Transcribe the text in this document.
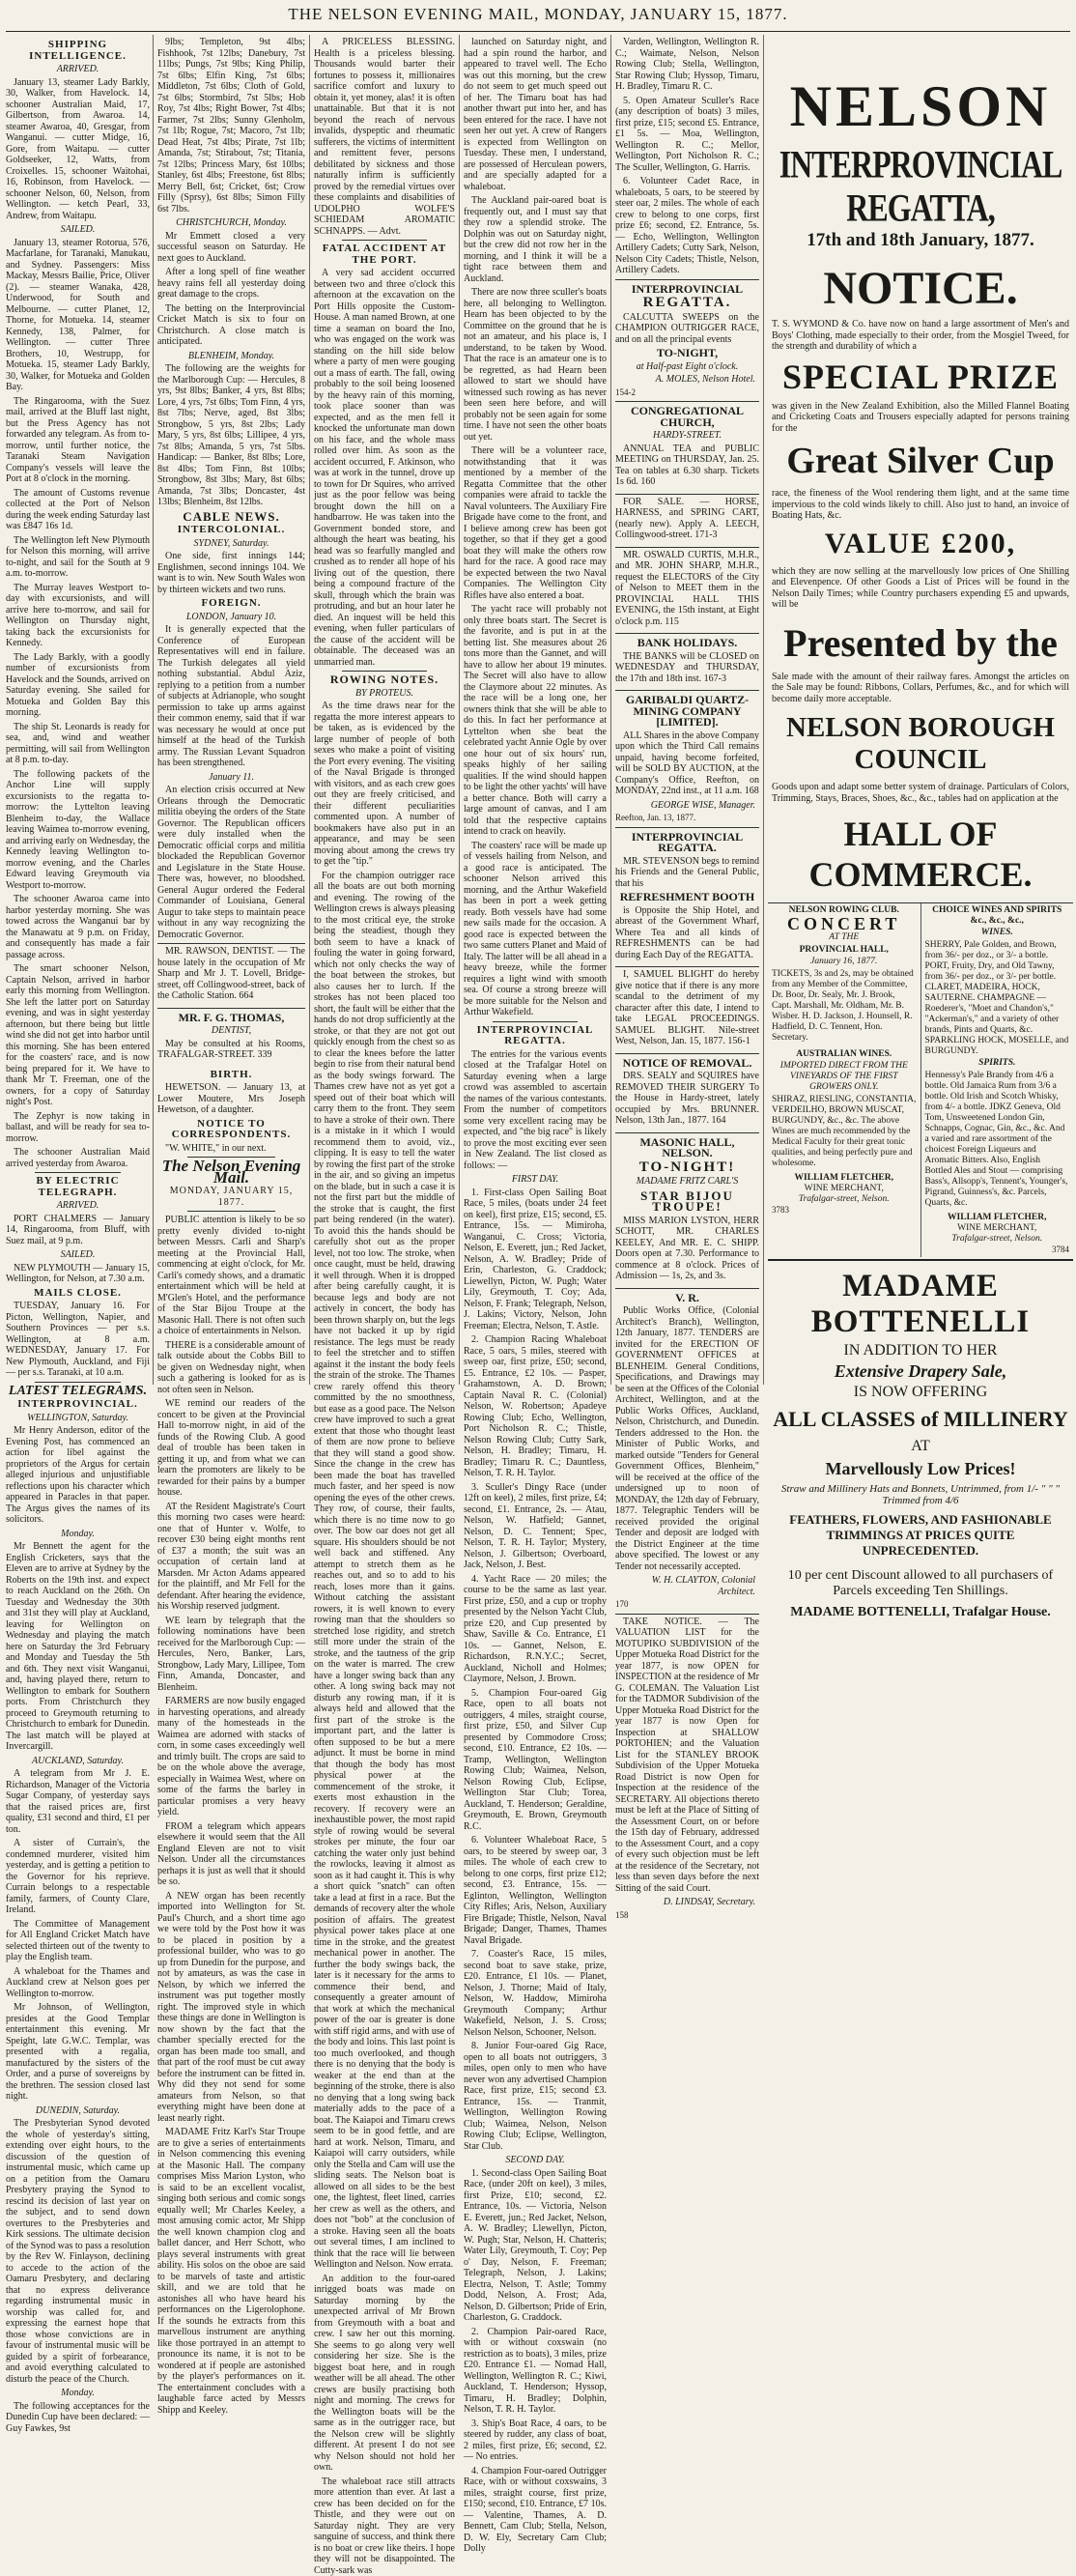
THE NELSON EVENING MAIL, MONDAY, JANUARY 15, 1877.
SHIPPING INTELLIGENCE.
ARRIVED.

January 13, steamer Lady Barkly, 30, Walker, from Havelock. 14, schooner Australian Maid, 17, Gilbertson, from Awaroa. 14, steamer Awaroa, 40, Gresgar, from Wanganui. — cutter Midge, 16, Gore, from Waitapu. — cutter Goldseeker, 12, Watts, from Croixelles. 15, schooner Waitohai, 16, Robinson, from Havelock. — schooner Nelson, 60, Nelson, from Wellington. — ketch Pearl, 33, Andrew, from Waitapu.

SAILED.

January 13, steamer Rotorua, 576, Macfarlane, for Taranaki, Manukau, and Sydney. Passengers: Miss Mackay, Messrs Bailie, Price, Oliver (2). — steamer Wanaka, 428, Underwood, for South and Melbourne. — cutter Planet, 12, Thorne, for Motueka. 14, steamer Kennedy, 138, Palmer, for Wellington. — cutter Three Brothers, 10, Westrupp, for Motueka. 15, steamer Lady Barkly, 30, Walker, for Motueka and Golden Bay.

The Ringarooma, with the Suez mail, arrived at the Bluff last night, but the Press Agency has not forwarded any telegram. As from to-morrow, until further notice, the Taranaki Steam Navigation Company's vessels will leave the Port at 8 o'clock in the morning.

The amount of Customs revenue collected at the Port of Nelson during the week ending Saturday last was £847 16s 1d.

The Wellington left New Plymouth for Nelson this morning, will arrive to-night, and sail for the South at 9 a.m. to-morrow.

The Murray leaves Westport to-day with excursionists, and will arrive here to-morrow, and sail for Wellington on Thursday night, taking back the excursionists for Kennedy.

The Lady Barkly, with a goodly number of excursionists from Havelock and the Sounds, arrived on Saturday evening. She sailed for Motueka and Golden Bay this morning.

The ship St. Leonards is ready for sea, and, wind and weather permitting, will sail from Wellington at 8 p.m. to-day.

The following packets of the Anchor Line will supply excursionists to the regatta to-morrow: the Lyttelton leaving Blenheim to-day, the Wallace leaving Waimea to-morrow evening, and arriving early on Wednesday, the Kennedy leaving Wellington to-morrow evening, and the Charles Edward leaving Greymouth via Westport to-morrow.

The schooner Awaroa came into harbor yesterday morning. She was towed across the Wanganui bar by the Manawatu at 9 p.m. on Friday, and consequently has made a fair passage across.

The smart schooner Nelson, Captain Nelson, arrived in harbor early this morning from Wellington. She left the latter port on Saturday evening, and was in sight yesterday afternoon, but there being but little wind she did not get into harbor until this morning. She has been entered for the coasters' race, and is now being prepared for it. We have to thank Mr T. Freeman, one of the owners, for a copy of Saturday night's Post.

The Zephyr is now taking in ballast, and will be ready for sea to-morrow.

The schooner Australian Maid arrived yesterday from Awaroa.

BY ELECTRIC TELEGRAPH.
ARRIVED.

PORT CHALMERS — January 14, Ringarooma, from Bluff, with Suez mail, at 9 p.m.

SAILED.

NEW PLYMOUTH — January 15, Wellington, for Nelson, at 7.30 a.m.

MAILS CLOSE.

TUESDAY, January 16. For Picton, Wellington, Napier, and Southern Provinces — per s.s. Wellington, at 8 a.m. WEDNESDAY, January 17. For New Plymouth, Auckland, and Fiji — per s.s. Taranaki, at 10 a.m.

LATEST TELEGRAMS.
INTERPROVINCIAL.
WELLINGTON, Saturday.

Mr Henry Anderson, editor of the Evening Post, has commenced an action for libel against the proprietors of the Argus for certain alleged injurious and unjustifiable reflections upon his character which appeared in Paracles in that paper. The Argus gives the names of its solicitors.

Monday.

Mr Bennett the agent for the English Cricketers, says that the Eleven are to arrive at Sydney by the Roberts on the 19th inst. and expect to reach Auckland on the 26th. On Tuesday and Wednesday the 30th and 31st they will play at Auckland, leaving for Wellington on Wednesday and playing the match here on Saturday the 3rd February and Monday and Tuesday the 5th and 6th. They next visit Wanganui, and, having played there, return to Wellington to embark for Southern ports. From Christchurch they proceed to Greymouth returning to Christchurch to embark for Dunedin. The last match will be played at Invercargill.

AUCKLAND, Saturday.

A telegram from Mr J. E. Richardson, Manager of the Victoria Sugar Company, of yesterday says that the raised prices are, first quality, £31 second and third, £1 per ton.

A sister of Currain's, the condemned murderer, visited him yesterday, and is getting a petition to the Governor for his reprieve. Currain belongs to a respectable family, farmers, of County Clare, Ireland.

The Committee of Management for All England Cricket Match have selected thirteen out of the twenty to play the English team.

A whaleboat for the Thames and Auckland crew at Nelson goes per Wellington to-morrow.

Mr Johnson, of Wellington, presides at the Good Templar entertainment this evening. Mr Speight, late G.W.C. Templar, was presented with a regalia, manufactured by the sisters of the Order, and a purse of sovereigns by the brethren. The session closed last night.

DUNEDIN, Saturday.

The Presbyterian Synod devoted the whole of yesterday's sitting, extending over eight hours, to the discussion of the question of instrumental music, which came up on a petition from the Oamaru Presbytery praying the Synod to rescind its decision of last year on the subject, and to send down overtures to the Presbyteries and Kirk sessions. The ultimate decision of the Synod was to pass a resolution by the Rev W. Finlayson, declining to accede to the action of the Oamaru Presbytery, and declaring that no express deliverance regarding instrumental music in worship was called for, and expressing the earnest hope that those whose convictions are in favour of instrumental music will be guided by a spirit of forbearance, and avoid everything calculated to disturb the peace of the Church.

Monday.

The following acceptances for the Dunedin Cup have been declared: — Guy Fawkes, 9st

9lbs; Templeton, 9st 4lbs; Fishhook, 7st 12lbs; Danebury, 7st 11lbs; Pungs, 7st 9lbs; King Philip, 7st 6lbs; Elfin King, 7st 6lbs; Middleton, 7st 6lbs; Cloth of Gold, 7st 6lbs; Stormbird, 7st 5lbs; Hob Roy, 7st 4lbs; Right Bower, 7st 4lbs; Farmer, 7st 2lbs; Sunny Glenholm, 7st 1lb; Rogue, 7st; Macoro, 7st 1lb; Dead Heat, 7st 4lbs; Pirate, 7st 1lb; Amanda, 7st; Stirabout, 7st; Titania, 7st 12lbs; Princess Mary, 6st 10lbs; Stanley, 6st 4lbs; Freestone, 6st 8lbs; Merry Bell, 6st; Cricket, 6st; Crow Filly (Sprsy), 6st 8lbs; Simon Filly 6st 7lbs.

CHRISTCHURCH, Monday.

Mr Emmett closed a very successful season on Saturday. He next goes to Auckland.

After a long spell of fine weather heavy rains fell all yesterday doing great damage to the crops.

The betting on the Interprovincial Cricket Match is six to four on Christchurch. A close match is anticipated.

BLENHEIM, Monday.

The following are the weights for the Marlborough Cup: — Hercules, 8 yrs, 9st 8lbs; Banker, 4 yrs, 8st 8lbs; Lore, 4 yrs, 7st 6lbs; Tom Finn, 4 yrs, 8st 7lbs; Nerve, aged, 8st 3lbs; Strongbow, 5 yrs, 8st 2lbs; Lady Mary, 5 yrs, 8st 6lbs; Lillipee, 4 yrs, 7st 8lbs; Amanda, 5 yrs, 7st 5lbs. Handicap: — Banker, 8st 8lbs; Lore, 8st 4lbs; Tom Finn, 8st 10lbs; Strongbow, 8st 3lbs; Mary, 8st 6lbs; Amanda, 7st 3lbs; Doncaster, 4st 13lbs; Blenheim, 8st 12lbs.

CABLE NEWS.
INTERCOLONIAL.
SYDNEY, Saturday.

One side, first innings 144; Englishmen, second innings 104. We want is to win. New South Wales won by thirteen wickets and two runs.

FOREIGN.
LONDON, January 10.

It is generally expected that the Conference of European Representatives will end in failure. The Turkish delegates all yield nothing substantial. Abdul Aziz, replying to a petition from a number of subjects at Adrianople, who sought permission to take up arms against their common enemy, said that if war was necessary he would at once put himself at the head of the Turkish army. The Russian Levant Squadron has been strengthened.

January 11.

An election crisis occurred at New Orleans through the Democratic militia obeying the orders of the State Governor. The Republican officers were duly installed when the Democratic official corps and militia blockaded the Republican Governor and Legislature in the State House. There was, however, no bloodshed. General Augur ordered the Federal Commander of Louisiana, General Augur to take steps to maintain peace without in any way recognizing the Democratic Governor.

MR. RAWSON, DENTIST. — The house lately in the occupation of Mr Sharp and Mr J. T. Lovell, Bridge-street, off Collingwood-street, back of the Catholic Station. 664

MR. F. G. THOMAS,
DENTIST,

May be consulted at his Rooms, TRAFALGAR-STREET. 339

BIRTH.

HEWETSON. — January 13, at Lower Moutere, Mrs Joseph Hewetson, of a daughter.

NOTICE TO CORRESPONDENTS.

"W. WHITE," in our next.

The Nelson Evening Mail.
MONDAY, JANUARY 15, 1877.

PUBLIC attention is likely to be so pretty evenly divided to-night between Messrs. Carli and Sharp's meeting at the Provincial Hall, commencing at eight o'clock, for Mr. Carli's comedy shows, and a dramatic entertainment which will be held at M'Glen's Hotel, and the performance of the Star Bijou Troupe at the Masonic Hall. There is not often such a choice of entertainments in Nelson.

THERE is a considerable amount of talk outside about the Cobbs Bill to be given on Wednesday night, when such a gathering is looked for as is not often seen in Nelson.

WE remind our readers of the concert to be given at the Provincial Hall to-morrow night, in aid of the funds of the Rowing Club. A good deal of trouble has been taken in getting it up, and from what we can learn the promoters are likely to be rewarded for their pains by a bumper house.

AT the Resident Magistrate's Court this morning two cases were heard: one that of Hunter v. Wolfe, to recover £30 being eight months rent of £37 a month; the suit was an occupation of certain land at Marsden. Mr Acton Adams appeared for the plaintiff, and Mr Fell for the defendant. After hearing the evidence, his Worship reserved judgment.

WE learn by telegraph that the following nominations have been received for the Marlborough Cup: — Hercules, Nero, Banker, Lars, Strongbow, Lady Mary, Lillipee, Tom Finn, Amanda, Doncaster, and Blenheim.

FARMERS are now busily engaged in harvesting operations, and already many of the homesteads in the Waimea are adorned with stacks of corn, in some cases exceedingly well and trimly built. The crops are said to be on the whole above the average, especially in Waimea West, where on some of the farms the barley in particular promises a very heavy yield.

FROM a telegram which appears elsewhere it would seem that the All England Eleven are not to visit Nelson. Under all the circumstances perhaps it is just as well that it should be so.

A NEW organ has been recently imported into Wellington for St. Paul's Church, and a short time ago we were told by the Post how it was to be placed in position by a professional builder, who was to go up from Dunedin for the purpose, and not by amateurs, as was the case in Nelson, by which we inferred the instrument was put together mostly right. The improved style in which these things are done in Wellington is now shown by the fact that the chamber specially erected for the organ has been made too small, and that part of the roof must be cut away before the instrument can be fitted in. Why did they not send for some amateurs from Nelson, so that everything might have been done at least nearly right.

MADAME Fritz Karl's Star Troupe are to give a series of entertainments in Nelson commencing this evening at the Masonic Hall. The company comprises Miss Marion Lyston, who is said to be an excellent vocalist, singing both serious and comic songs equally well; Mr Charles Keeley, a most amusing comic actor, Mr Shipp the well known champion clog and ballet dancer, and Herr Schott, who plays several instruments with great ability. His solos on the oboe are said to be marvels of taste and artistic skill, and we are told that he astonishes all who have heard his performances on the Ligerolophone. If the sounds he extracts from this marvellous instrument are anything like those portrayed in an attempt to pronounce its name, it is not to be wondered at if people are astonished by the player's performances on it. The entertainment concludes with a laughable farce acted by Messrs Shipp and Keeley.

A PRICELESS BLESSING. Health is a priceless blessing. Thousands would barter their fortunes to possess it, millionaires sacrifice comfort and luxury to obtain it, yet money, alas! it is often unattainable. But that it is not beyond the reach of nervous invalids, dyspeptic and rheumatic sufferers, the victims of intermittent and remittent fever, persons debilitated by sickness and those naturally infirm is sufficiently proved by the remedial virtues over these complaints and disabilities of UDOLPHO WOLFE'S SCHIEDAM AROMATIC SCHNAPPS. — Advt.

FATAL ACCIDENT AT THE PORT.

A very sad accident occurred between two and three o'clock this afternoon at the excavation on the Port Hills opposite the Custom-House. A man named Brown, at one time a seaman on board the Ino, who was engaged on the work was standing on the hill side below where a party of men were gouging out a mass of earth. The fall, owing probably to the soil being loosened by the heavy rain of this morning, took place sooner than was expected, and as the men fell it knocked the unfortunate man down on his face, and the whole mass rolled over him. As soon as the accident occurred, F. Atkinson, who was at work in the tunnel, drove up to town for Dr Squires, who arrived just as the poor fellow was being brought down the hill on a handbarrow. He was taken into the Government bonded store, and although the heart was beating, his head was so fearfully mangled and crushed as to render all hope of his living out of the question, there being a compound fracture of the skull, through which the brain was protruding, and but an hour later he died. An inquest will be held this evening, when fuller particulars of the cause of the accident will be obtainable. The deceased was an unmarried man.

ROWING NOTES.
BY PROTEUS.

As the time draws near for the regatta the more interest appears to be taken, as is evidenced by the large number of people of both sexes who make a point of visiting the Port every evening. The visiting of the Naval Brigade is thronged with visitors, and as each crew goes out they are freely criticised, and their different peculiarities commented upon. A number of bookmakers have also put in an appearance, and may be seen moving about among the crews try to get the "tip."

For the champion outrigger race all the boats are out both morning and evening. The rowing of the Wellington crews is always pleasing to the most critical eye, the stroke being the steadiest, though they both seem to have a knack of fouling the water in going forward, which not only checks the way of the boat between the strokes, but also causes her to lurch. If the strokes has not been placed too short, the fault will be either that the hands do not drop sufficiently at the stroke, or that they are not got out quickly enough from the chest so as to clear the knees before the latter begin to rise from their natural bend as the body swings forward. The Thames crew have not as yet got a speed out of their boat which will carry them to the front. They seem to have a stroke of their own. There is a mistake in it which I would recommend them to avoid, viz., clipping. It is easy to tell the water by rowing the first part of the stroke in the air, and so giving an impetus on the blade, but in such a case it is not the first part but the middle of the stroke that is caught, the first part being rendered (in the water). To avoid this the hands should be carefully shot out as the proper level, not too low. The stroke, when once caught, must be held, drawing it well through. When it is dropped after being carefully caught, it is because legs and body are not actively in concert, the body has been thrown sharply on, but the legs have not backed it up by rigid resistance. The legs must be ready to feel the stretcher and to stiffen against it the instant the body feels the strain of the stroke. The Thames crew rarely offend this theory committed by the no smoothness, but ease as a good pace. The Nelson crew have improved to such a great extent that those who thought least of them are now prone to believe that they will stand a good show. Since the change in the crew has been made the boat has travelled much faster, and her speed is now opening the eyes of the other crews. They row, of course, their faults, which there is no time now to go over. The bow oar does not get all square. His shoulders should be not well back and stiffened. Any attempt to stretch them as he reaches out, and so to add to his reach, loses more than it gains. Without catching the assistant rowers, it is well known to every rowing man that the shoulders so stretched lose rigidity, and stretch still more under the strain of the stroke, and the tautness of the grip on the water is marred. The crew have a longer swing back than any other. A long swing back may not disturb any rowing man, if it is always held and allowed that the first part of the stroke is the important part, and the latter is often supposed to be but a mere adjunct. It must be borne in mind that though the body has most physical power at the commencement of the stroke, it exerts most exhaustion in the recovery. If recovery were an inexhaustible power, the most rapid style of rowing would be several strokes per minute, the four oar catching the water only just behind the rowlocks, leaving it almost as soon as it had caught it. This is why a short quick "snatch" can often take a lead at first in a race. But the demands of recovery alter the whole position of affairs. The greatest physical power takes place at one time in the stroke, and the greatest mechanical power in another. The further the body swings back, the later is it necessary for the arms to commence their bend, and consequently a greater amount of that work at which the mechanical power of the oar is greater is done with stiff rigid arms, and with use of the body and loins. This last point is too much overlooked, and though there is no denying that the body is weaker at the end than at the beginning of the stroke, there is also no denying that a long swing back materially adds to the pace of a boat. The Kaiapoi and Timaru crews seem to be in good fettle, and are hard at work. Nelson, Timaru, and Kaiapoi will carry outsiders, while only the Stella and Cam will use the sliding seats. The Nelson boat is allowed on all sides to be the best one, the lightest, fleet lined, carries her crew as well as the others, and does not "bob" at the conclusion of a stroke. Having seen all the boats out several times, I am inclined to think that the race will lie between Wellington and Nelson. Now errata.

An addition to the four-oared inrigged boats was made on Saturday morning by the unexpected arrival of Mr Brown from Greymouth with a boat and crew. I saw her out this morning. She seems to go along very well considering her size. She is the biggest boat here, and in rough weather will be all ahead. The other crews are busily practising both night and morning. The crews for the Wellington boats will be the same as in the outrigger race, but the Nelson crew will be slightly different. At present I do not see why Nelson should not hold her own.

The whaleboat race still attracts more attention than ever. At last a crew has been decided on for the Thistle, and they were out on Saturday night. They are very sanguine of success, and think there is no boat or crew like theirs. I hope they will not be disappointed. The Cutty-sark was

launched on Saturday night, and had a spin round the harbor, and appeared to travel well. The Echo was out this morning, but the crew do not seem to get much speed out of her. The Timaru boat has had another thwart put into her, and has been entered for the race. I have not seen her out yet. A crew of Rangers is expected from Wellington on Tuesday. These men, I understand, are possessed of Herculean powers, and are specially adapted for a whaleboat.

The Auckland pair-oared boat is frequently out, and I must say that they row a splendid stroke. The Dolphin was out on Saturday night, but the crew did not row her in the morning, and I think it will be a tight race between them and Auckland.

There are now three sculler's boats here, all belonging to Wellington. Hearn has been objected to by the Committee on the ground that he is not an amateur, and his place is, I understand, to be taken by Wood. That the race is an amateur one is to be regretted, as had Hearn been allowed to start we should have witnessed such rowing as has never been seen here before, and will probably not be seen again for some time. I have not seen the other boats out yet.

There will be a volunteer race, notwithstanding that it was mentioned by a member of the Regatta Committee that the other companies were afraid to tackle the Naval volunteers. The Auxiliary Fire Brigade have come to the front, and I believe among crew has been got together, so that if they get a good boat they will make the others row hard for the race. A good race may be expected between the two Naval Companies. The Wellington City Rifles have also entered a boat.

The yacht race will probably not only three boats start. The Secret is the favorite, and is put in at the betting list. She measures about 26 tons more than the Gannet, and will have to allow her about 19 minutes. The Secret will also have to allow the Claymore about 22 minutes. As the race will be a long one, her owners think that she will be able to do this. In fact her performance at Lyttelton when she beat the celebrated yacht Annie Ogle by over one hour out of six hours' run, speaks highly of her sailing qualities. If the wind should happen to be light the other yachts' will have a better chance. Both will carry a large amount of canvas, and I am told that the respective captains intend to crack on heavily.

The coasters' race will be made up of vessels hailing from Nelson, and a good race is anticipated. The schooner Nelson arrived this morning, and the Arthur Wakefield has been in port a week getting ready. Both vessels have had some new sails made for the occasion. A good race is expected between the two same cutters Planet and Maid of Italy. The latter will be all ahead in a heavy breeze, while the former requires a light wind with smooth sea. Of course a strong breeze will be more suitable for the Nelson and Arthur Wakefield.

INTERPROVINCIAL REGATTA.

The entries for the various events closed at the Trafalgar Hotel on Saturday evening when a large crowd was assembled to ascertain the names of the various contestants. From the number of competitors some very excellent racing may be expected, and "the big race" is likely to prove the most exciting ever seen in New Zealand. The list closed as follows: —

FIRST DAY.

1. First-class Open Sailing Boat Race, 5 miles, (boats under 24 feet on keel), first prize, £15; second, £5. Entrance, 15s. — Mimiroha, Wanganui, C. Cross; Victoria, Nelson, E. Everett, jun.; Red Jacket, Nelson, A. W. Bradley; Pride of Erin, Charleston, G. Craddock; Liewellyn, Picton, W. Pugh; Water Lily, Greymouth, T. Coy; Ada, Nelson, F. Frank; Telegraph, Nelson, J. Lakins; Victory, Nelson, John Freeman; Electra, Nelson, T. Astle.

2. Champion Racing Whaleboat Race, 5 oars, 5 miles, steered with sweep oar, first prize, £50; second, £5. Entrance, £2 10s. — Pasper, Grahamstown, A. D. Brown; Captain Naval R. C. (Colonial) Nelson, W. Robertson; Apadeye Rowing Club; Echo, Wellington, Port Nicholson R. C.; Thistle, Nelson Rowing Club; Cutty Sark, Nelson, H. Bradley; Timaru, H. Bradley; Timaru R. C.; Dauntless, Nelson, T. R. H. Taylor.

3. Sculler's Dingy Race (under 12ft on keel), 2 miles, first prize, £4; second, £1. Entrance, 2s. — Atau, Nelson, W. Hatfield; Gannet, Nelson, D. C. Tennent; Spec, Nelson, T. R. H. Taylor; Mystery, Nelson, J. Gilbertson; Overboard, Jack, Nelson, J. Best.

4. Yacht Race — 20 miles; the course to be the same as last year. First prize, £50, and a cup or trophy presented by the Nelson Yacht Club, prize £20, and Cup presented by Shaw, Saville & Co. Entrance, £1 10s. — Gannet, Nelson, E. Richardson, R.N.Y.C.; Secret, Auckland, Nicholl and Holmes; Claymore, Nelson, J. Brown.

5. Champion Four-oared Gig Race, open to all boats not outriggers, 4 miles, straight course, first prize, £50, and Silver Cup presented by Commodore Cross; second, £10. Entrance, £2 10s. — Tramp, Wellington, Wellington Rowing Club; Waimea, Nelson, Nelson Rowing Club, Eclipse, Wellington Star Club; Torea, Auckland, T. Henderson; Geraldine, Greymouth, E. Brown, Greymouth R.C.

6. Volunteer Whaleboat Race, 5 oars, to be steered by sweep oar, 3 miles. The whole of each crew to belong to one corps, first prize £12; second, £3. Entrance, 15s. — Eglinton, Wellington, Wellington City Rifles; Aris, Nelson, Auxiliary Fire Brigade; Thistle, Nelson, Naval Brigade; Danger, Thames, Thames Naval Brigade.

7. Coaster's Race, 15 miles, second boat to save stake, prize, £20. Entrance, £1 10s. — Planet, Nelson, J. Thorne; Maid of Italy, Nelson, W. Haddow, Mimiroha Greymouth Company; Arthur Wakefield, Nelson, J. S. Cross; Nelson Nelson, Schooner, Nelson.

8. Junior Four-oared Gig Race, open to all boats not outriggers, 3 miles, open only to men who have never won any advertised Champion Race, first prize, £15; second £3. Entrance, 15s. — Tranmit, Wellington, Wellington Rowing Club; Waimea, Nelson, Nelson Rowing Club; Eclipse, Wellington, Star Club.

SECOND DAY.

1. Second-class Open Sailing Boat Race, (under 20ft on keel), 3 miles, first Prize, £10; second, £2. Entrance, 10s. — Victoria, Nelson E. Everett, jun.; Red Jacket, Nelson, A. W. Bradley; Llewellyn, Picton, W. Pugh; Star, Nelson, H. Chatteris; Water Lily, Greymouth, T. Coy; Pep o' Day, Nelson, F. Freeman; Telegraph, Nelson, J. Lakins; Electra, Nelson, T. Astle; Tommy Dodd, Nelson, A. Frost; Ada, Nelson, D. Gilbertson; Pride of Erin, Charleston, G. Craddock.

2. Champion Pair-oared Race, with or without coxswain (no restriction as to boats), 3 miles, prize £20. Entrance £1. — Nomad Hall, Wellington, Wellington R. C.; Kiwi, Auckland, T. Henderson; Hyssop, Timaru, H. Bradley; Dolphin, Nelson, T. R. H. Taylor.

3. Ship's Boat Race, 4 oars, to be steered by rudder, any class of boat, 2 miles, first prize, £6; second, £2. — No entries.

4. Champion Four-oared Outrigger Race, with or without coxswains, 3 miles, straight course, first prize, £150; second, £10. Entrance, £7 10s. — Valentine, Thames, A. D. Bennett, Cam Club; Stella, Nelson, D. W. Ely, Secretary Cam Club; Dolly

Varden, Wellington, Wellington R. C.; Waimate, Nelson, Nelson Rowing Club; Stella, Wellington, Star Rowing Club; Hyssop, Timaru, H. Bradley, Timaru R. C.

5. Open Amateur Sculler's Race (any description of boats) 3 miles, first prize, £15; second £5. Entrance, £1 5s. — Moa, Wellington, Wellington R. C.; Mellor, Wellington, Port Nicholson R. C.; The Sculler, Wellington, G. Harris.

6. Volunteer Cadet Race, in whaleboats, 5 oars, to be steered by steer oar, 2 miles. The whole of each crew to belong to one corps, first prize £6; second, £2. Entrance, 5s. — Echo, Wellington, Wellington Artillery Cadets; Cutty Sark, Nelson, Nelson City Cadets; Thistle, Nelson, Artillery Cadets.

INTERPROVINCIAL
REGATTA.

CALCUTTA SWEEPS on the CHAMPION OUTRIGGER RACE, and on all the principal events

TO-NIGHT,
at Half-past Eight o'clock.
A. MOLES, Nelson Hotel.
154-2
CONGREGATIONAL CHURCH,
HARDY-STREET.

ANNUAL TEA and PUBLIC MEETING on THURSDAY, Jan. 25. Tea on tables at 6.30 sharp. Tickets 1s 6d. 160

FOR SALE. — HORSE, HARNESS, and SPRING CART, (nearly new). Apply A. LEECH, Collingwood-street. 171-3

MR. OSWALD CURTIS, M.H.R., and MR. JOHN SHARP, M.H.R., request the ELECTORS of the City of Nelson to MEET them in the PROVINCIAL HALL THIS EVENING, the 15th instant, at Eight o'clock p.m. 115

BANK HOLIDAYS.

THE BANKS will be CLOSED on WEDNESDAY and THURSDAY, the 17th and 18th inst. 167-3

GARIBALDI QUARTZ-MINING COMPANY [LIMITED].

ALL Shares in the above Company upon which the Third Call remains unpaid, having become forfeited, will be SOLD BY AUCTION, at the Company's Office, Reefton, on MONDAY, 22nd inst., at 11 a.m. 168

GEORGE WISE, Manager.
Reefton, Jan. 13, 1877.
INTERPROVINCIAL REGATTA.

MR. STEVENSON begs to remind his Friends and the General Public, that his

REFRESHMENT BOOTH

is Opposite the Ship Hotel, and abreast of the Government Wharf, Where Tea and all kinds of REFRESHMENTS can be had during Each Day of the REGATTA.

I, SAMUEL BLIGHT do hereby give notice that if there is any more scandal to the detriment of my character after this date, I intend to take LEGAL PROCEEDINGS. SAMUEL BLIGHT. Nile-street West, Nelson, Jan. 15, 1877. 156-1

NOTICE OF REMOVAL.

DRS. SEALY and SQUIRES have REMOVED THEIR SURGERY To the House in Hardy-street, lately occupied by Mrs. BRUNNER. Nelson, 13th Jan., 1877. 164

MASONIC HALL, NELSON.
TO-NIGHT!
MADAME FRITZ CARL'S
STAR BIJOU TROUPE!

MISS MARION LYSTON, HERR SCHOTT, MR. CHARLES KEELEY, And MR. E. C. SHIPP. Doors open at 7.30. Performance to commence at 8 o'clock. Prices of Admission — 1s, 2s, and 3s.

V. R.

Public Works Office, (Colonial Architect's Branch), Wellington, 12th January, 1877. TENDERS are invited for the ERECTION OF GOVERNMENT OFFICES at BLENHEIM. General Conditions, Specifications, and Drawings may be seen at the Offices of the Colonial Architect, Wellington, and at the Public Works Offices, Auckland, Nelson, Christchurch, and Dunedin. Tenders addressed to the Hon. the Minister of Public Works, and marked outside "Tenders for General Government Offices, Blenheim," will be received at the office of the undersigned up to noon of MONDAY, the 12th day of February, 1877. Telegraphic Tenders will be received provided the original Tender and deposit are lodged with the District Engineer at the time above specified. The lowest or any Tender not necessarily accepted.

W. H. CLAYTON, Colonial Architect.
170

TAKE NOTICE. — The VALUATION LIST for the MOTUPIKO SUBDIVISION of the Upper Motueka Road District for the year 1877, is now OPEN for INSPECTION at the residence of Mr G. COLEMAN. The Valuation List for the TADMOR Subdivision of the Upper Motueka Road District for the year 1877 is now Open for Inspection at SHALLOW PORTOHIEN; and the Valuation List for the STANLEY BROOK Subdivision of the Upper Motueka Road District is now Open for Inspection at the residence of the SECRETARY. All objections thereto must be left at the Place of Sitting of the Assessment Court, on or before the 15th day of February, addressed to the Assessment Court, and a copy of every such objection must be left at the residence of the Secretary, not less than seven days before the next Sitting of the said Court.

D. LINDSAY, Secretary.
158
NELSON
INTERPROVINCIAL REGATTA,
17th and 18th January, 1877.
NOTICE.
T. S. WYMOND & Co. have now on hand a large assortment of Men's and Boys' Clothing, made especially to their order, from the Mosgiel Tweed, for the strength and durability of which a
SPECIAL PRIZE
was given in the New Zealand Exhibition, also the Milled Flannel Boating and Cricketing Coats and Trousers especially adapted for persons training for the
Great Silver Cup
race, the fineness of the Wool rendering them light, and at the same time impervious to the cold winds likely to chill. Also just to hand, an invoice of Boating Hats, &c.
VALUE £200,
which they are now selling at the marvellously low prices of One Shilling and Elevenpence. Of other Goods a List of Prices will be found in the Nelson Daily Times; while Country purchasers expending £5 and upwards, will be
Presented by the
Sale made with the amount of their railway fares. Amongst the articles on the Sale may be found: Ribbons, Collars, Perfumes, &c., and for which will become daily more acceptable.
NELSON BOROUGH COUNCIL
Goods upon and adapt some better system of drainage. Particulars of Colors, Trimming, Stays, Braces, Shoes, &c., &c., tables had on application at the
HALL OF COMMERCE.
NELSON ROWING CLUB.
CONCERT
AT THE
PROVINCIAL HALL,
January 16, 1877.
TICKETS, 3s and 2s, may be obtained from any Member of the Committee, Dr. Boor, Dr. Sealy, Mr. J. Brook, Capt. Marshall, Mr. Oldham, Mr. B. Wisber. H. D. Jackson, J. Hounsell, R. Hadfield, D. C. Tennent, Hon. Secretary.
AUSTRALIAN WINES.
IMPORTED DIRECT FROM THE VINEYARDS OF THE FIRST GROWERS ONLY.
SHIRAZ, RIESLING, CONSTANTIA, VERDEILHO, BROWN MUSCAT, BURGUNDY, &c., &c. The above Wines are much recommended by the Medical Faculty for their great tonic qualities, and being perfectly pure and wholesome.
WILLIAM FLETCHER,
WINE MERCHANT,
Trafalgar-street, Nelson.
3783
CHOICE WINES AND SPIRITS &c., &c., &c.,
WINES.
SHERRY, Pale Golden, and Brown, from 36/- per doz., or 3/- a bottle. PORT, Fruity, Dry, and Old Tawny, from 36/- per doz., or 3/- per bottle. CLARET, MADEIRA, HOCK, SAUTERNE. CHAMPAGNE — Roederer's, "Moet and Chandon's," "Ackerman's," and a variety of other brands, Pints and Quarts, &c. SPARKLING HOCK, MOSELLE, and BURGUNDY.
SPIRITS.
Hennessy's Pale Brandy from 4/6 a bottle. Old Jamaica Rum from 3/6 a bottle. Old Irish and Scotch Whisky, from 4/- a bottle. JDKZ Geneva, Old Tom, Unsweetened London Gin, Schnapps, Cognac, Gin, &c., &c. And a varied and rare assortment of the choicest Foreign Liqueurs and Aromatic Bitters. Also, English Bottled Ales and Stout — comprising Bass's, Allsopp's, Tennent's, Younger's, Pigrand, Guinness's, &c. Parcels, Quarts, &c.
WILLIAM FLETCHER,
WINE MERCHANT,
Trafalgar-street, Nelson.
3784
MADAME BOTTENELLI
IN ADDITION TO HER
Extensive Drapery Sale,
IS NOW OFFERING
ALL CLASSES of MILLINERY
AT
Marvellously Low Prices!
Straw and Millinery Hats and Bonnets, Untrimmed, from 1/- " " " Trimmed from 4/6
FEATHERS, FLOWERS, AND FASHIONABLE TRIMMINGS AT PRICES QUITE UNPRECEDENTED.
10 per cent Discount allowed to all purchasers of Parcels exceeding Ten Shillings.
MADAME BOTTENELLI, Trafalgar House.
